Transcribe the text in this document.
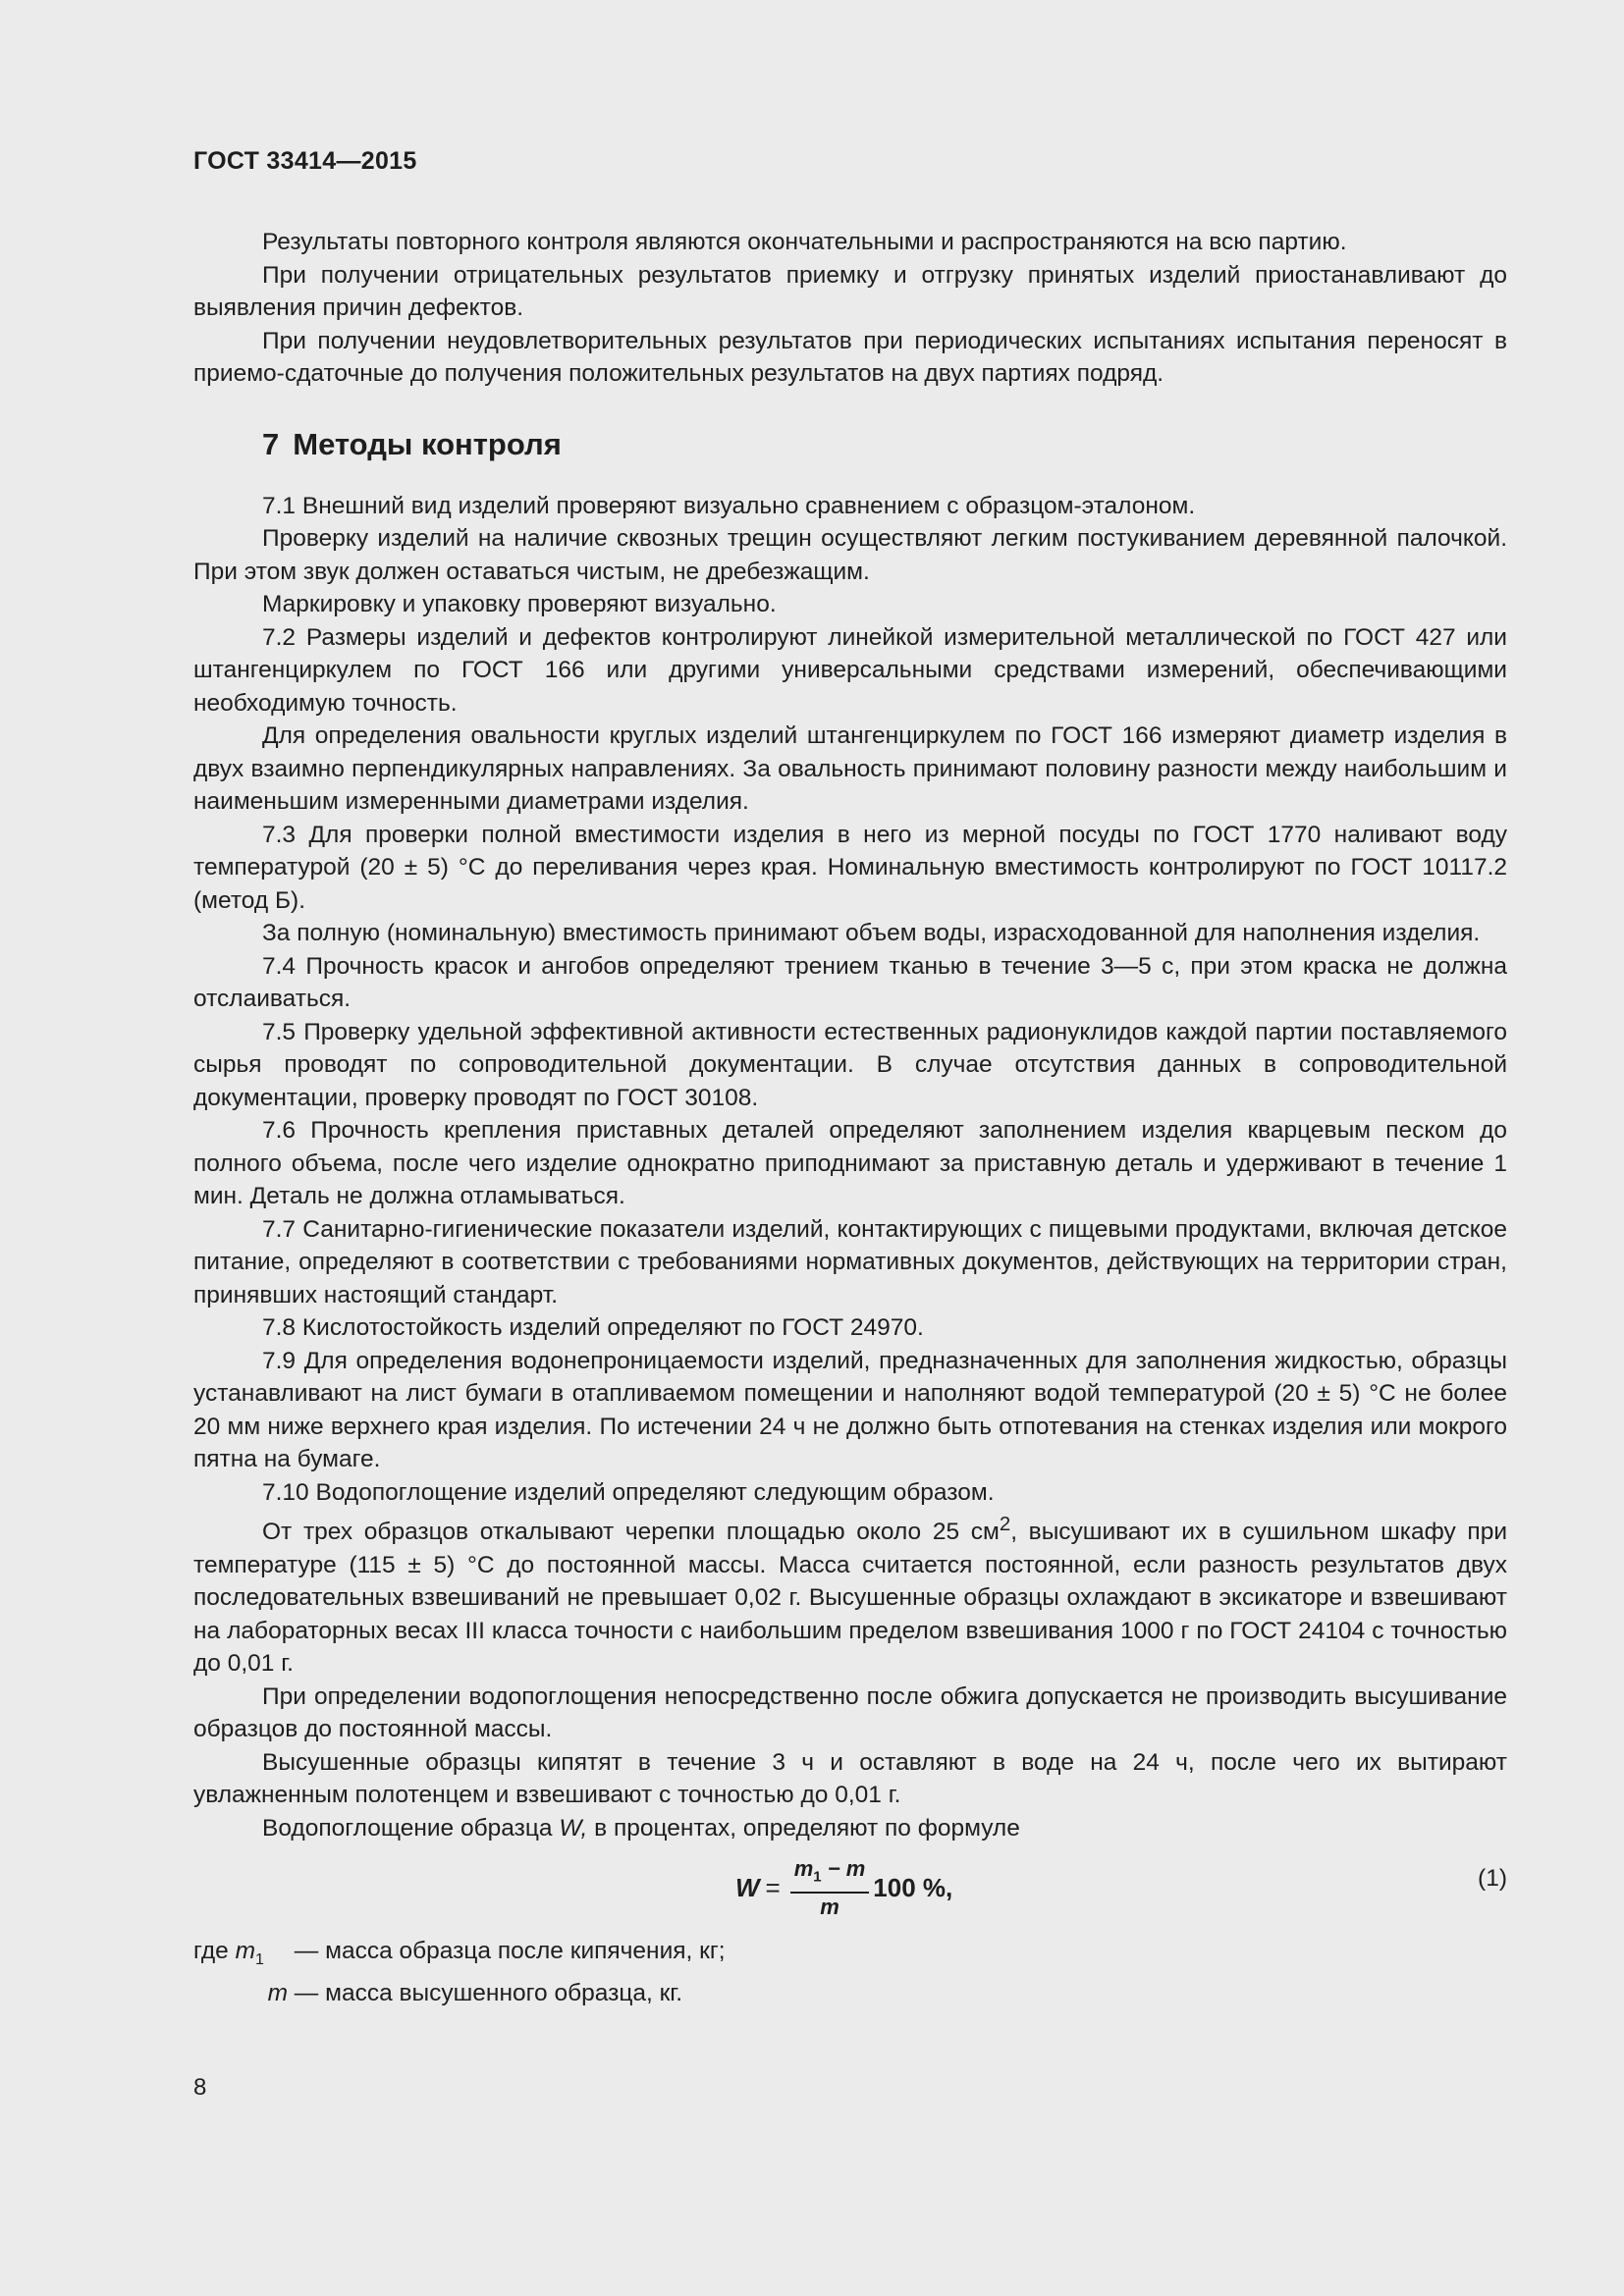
ГОСТ 33414—2015

Результаты повторного контроля являются окончательными и распространяются на всю партию.

При получении отрицательных результатов приемку и отгрузку принятых изделий приостанавливают до выявления причин дефектов.

При получении неудовлетворительных результатов при периодических испытаниях испытания переносят в приемо-сдаточные до получения положительных результатов на двух партиях подряд.

7 Методы контроля

7.1 Внешний вид изделий проверяют визуально сравнением с образцом-эталоном.

Проверку изделий на наличие сквозных трещин осуществляют легким постукиванием деревянной палочкой. При этом звук должен оставаться чистым, не дребезжащим.

Маркировку и упаковку проверяют визуально.

7.2 Размеры изделий и дефектов контролируют линейкой измерительной металлической по ГОСТ 427 или штангенциркулем по ГОСТ 166 или другими универсальными средствами измерений, обеспечивающими необходимую точность.

Для определения овальности круглых изделий штангенциркулем по ГОСТ 166 измеряют диаметр изделия в двух взаимно перпендикулярных направлениях. За овальность принимают половину разности между наибольшим и наименьшим измеренными диаметрами изделия.

7.3 Для проверки полной вместимости изделия в него из мерной посуды по ГОСТ 1770 наливают воду температурой (20 ± 5) °С до переливания через края. Номинальную вместимость контролируют по ГОСТ 10117.2 (метод Б).

За полную (номинальную) вместимость принимают объем воды, израсходованной для наполнения изделия.

7.4 Прочность красок и ангобов определяют трением тканью в течение 3—5 с, при этом краска не должна отслаиваться.

7.5 Проверку удельной эффективной активности естественных радионуклидов каждой партии поставляемого сырья проводят по сопроводительной документации. В случае отсутствия данных в сопроводительной документации, проверку проводят по ГОСТ 30108.

7.6 Прочность крепления приставных деталей определяют заполнением изделия кварцевым песком до полного объема, после чего изделие однократно приподнимают за приставную деталь и удерживают в течение 1 мин. Деталь не должна отламываться.

7.7 Санитарно-гигиенические показатели изделий, контактирующих с пищевыми продуктами, включая детское питание, определяют в соответствии с требованиями нормативных документов, действующих на территории стран, принявших настоящий стандарт.

7.8 Кислотостойкость изделий определяют по ГОСТ 24970.

7.9 Для определения водонепроницаемости изделий, предназначенных для заполнения жидкостью, образцы устанавливают на лист бумаги в отапливаемом помещении и наполняют водой температурой (20 ± 5) °С не более 20 мм ниже верхнего края изделия. По истечении 24 ч не должно быть отпотевания на стенках изделия или мокрого пятна на бумаге.

7.10 Водопоглощение изделий определяют следующим образом.

От трех образцов откалывают черепки площадью около 25 $см^2$, высушивают их в сушильном шкафу при температуре (115 ± 5) °С до постоянной массы. Масса считается постоянной, если разность результатов двух последовательных взвешиваний не превышает 0,02 г. Высушенные образцы охлаждают в эксикаторе и взвешивают на лабораторных весах III класса точности с наибольшим пределом взвешивания 1000 г по ГОСТ 24104 с точностью до 0,01 г.

При определении водопоглощения непосредственно после обжига допускается не производить высушивание образцов до постоянной массы.

Высушенные образцы кипятят в течение 3 ч и оставляют в воде на 24 ч, после чего их вытирают увлажненным полотенцем и взвешивают с точностью до 0,01 г.

Водопоглощение образца W, в процентах, определяют по формуле

$W = \frac{m_1 - m}{m} 100$ %,	(1)
где $m_1$ — масса образца после кипячения, кг;
m — масса высушенного образца, кг.
8
